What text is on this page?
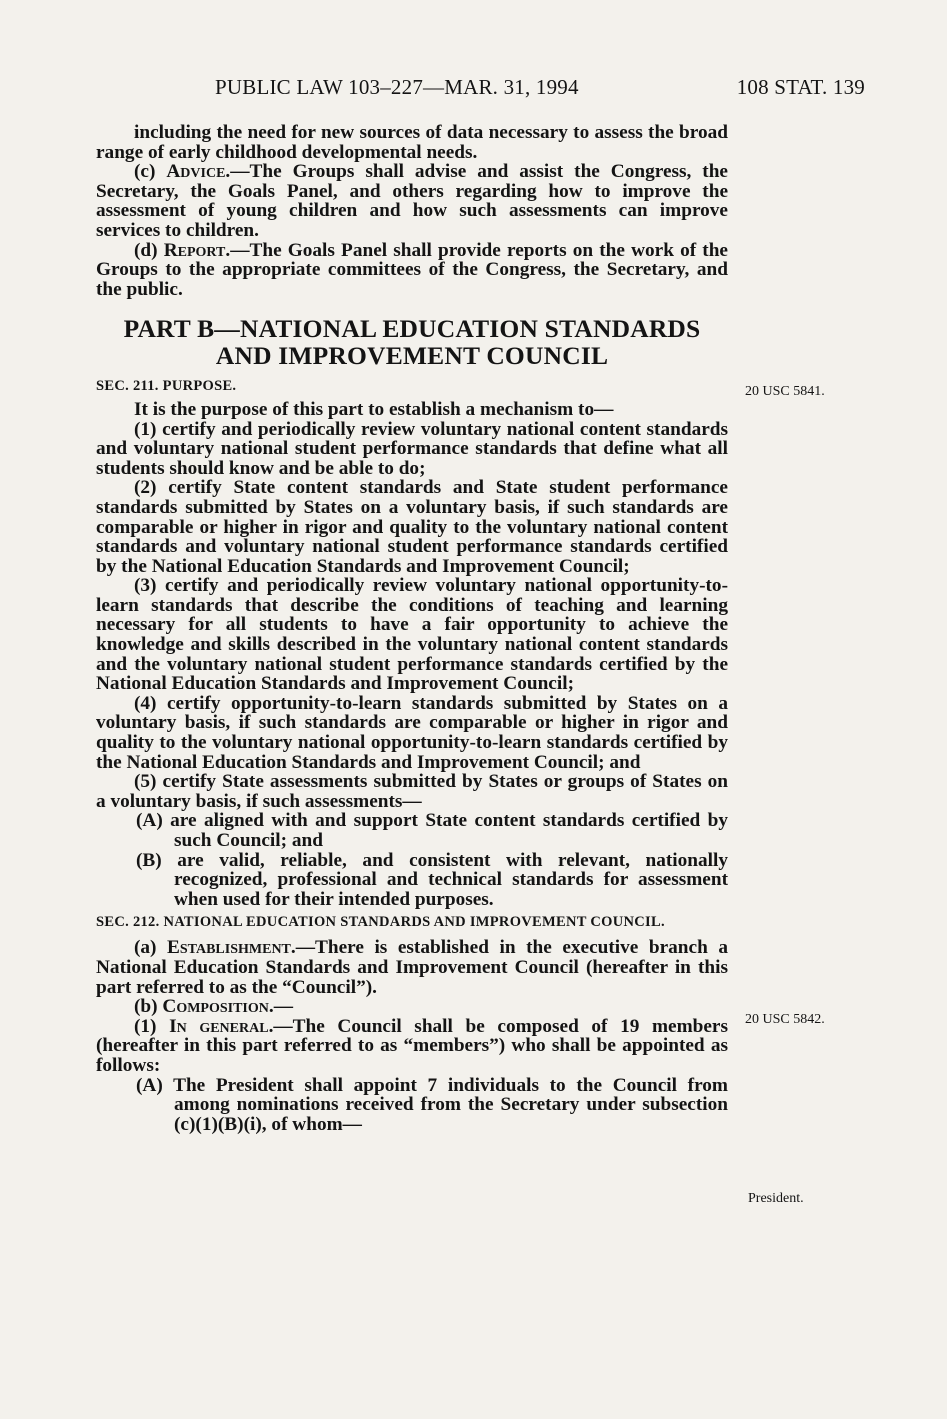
PUBLIC LAW 103–227—MAR. 31, 1994	108 STAT. 139
20 USC 5841.
20 USC 5842.
President.

including the need for new sources of data necessary to assess the broad range of early childhood developmental needs.

(c) Advice.—The Groups shall advise and assist the Congress, the Secretary, the Goals Panel, and others regarding how to improve the assessment of young children and how such assessments can improve services to children.

(d) Report.—The Goals Panel shall provide reports on the work of the Groups to the appropriate committees of the Congress, the Secretary, and the public.

PART B—NATIONAL EDUCATION STANDARDS
AND IMPROVEMENT COUNCIL
SEC. 211. PURPOSE.

It is the purpose of this part to establish a mechanism to—

(1) certify and periodically review voluntary national content standards and voluntary national student performance standards that define what all students should know and be able to do;

(2) certify State content standards and State student performance standards submitted by States on a voluntary basis, if such standards are comparable or higher in rigor and quality to the voluntary national content standards and voluntary national student performance standards certified by the National Education Standards and Improvement Council;

(3) certify and periodically review voluntary national opportunity-to-learn standards that describe the conditions of teaching and learning necessary for all students to have a fair opportunity to achieve the knowledge and skills described in the voluntary national content standards and the voluntary national student performance standards certified by the National Education Standards and Improvement Council;

(4) certify opportunity-to-learn standards submitted by States on a voluntary basis, if such standards are comparable or higher in rigor and quality to the voluntary national opportunity-to-learn standards certified by the National Education Standards and Improvement Council; and

(5) certify State assessments submitted by States or groups of States on a voluntary basis, if such assessments—

(A) are aligned with and support State content standards certified by such Council; and

(B) are valid, reliable, and consistent with relevant, nationally recognized, professional and technical standards for assessment when used for their intended purposes.

SEC. 212. NATIONAL EDUCATION STANDARDS AND IMPROVEMENT COUNCIL.

(a) Establishment.—There is established in the executive branch a National Education Standards and Improvement Council (hereafter in this part referred to as the “Council”).

(b) Composition.—

(1) In general.—The Council shall be composed of 19 members (hereafter in this part referred to as “members”) who shall be appointed as follows:

(A) The President shall appoint 7 individuals to the Council from among nominations received from the Secretary under subsection (c)(1)(B)(i), of whom—
